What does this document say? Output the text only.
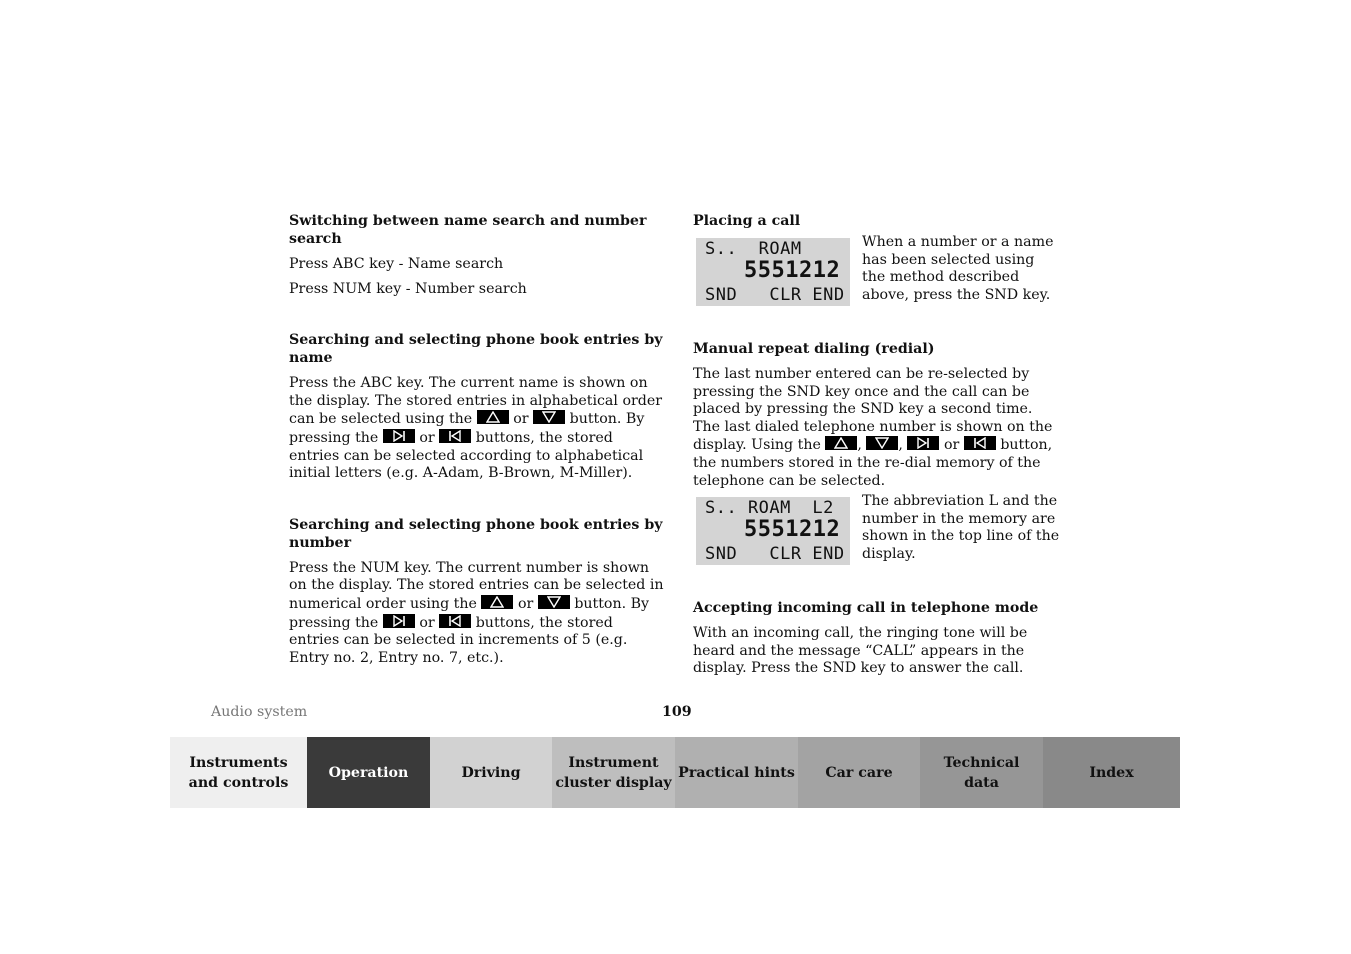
Switching between name search and number search

Press ABC key - Name search

Press NUM key - Number search

Searching and selecting phone book entries by name

Press the ABC key. The current name is shown on the display. The stored entries in alphabetical order can be selected using the	or	button. By pressing the	or	buttons, the stored entries can be selected according to alphabetical initial letters (e.g. A-Adam, B-Brown, M-Miller).

Searching and selecting phone book entries by number

Press the NUM key. The current number is shown on the display. The stored entries can be selected in numerical order using the	or	button. By pressing the	or	buttons, the stored entries can be selected in increments of 5 (e.g. Entry no. 2, Entry no. 7, etc.).

Placing a call
S..  ROAM
5551212
SND   CLR END
When a number or a name has been selected using the method described above, press the SND key.
Manual repeat dialing (redial)

The last number entered can be re-selected by pressing the SND key once and the call can be placed by pressing the SND key a second time. The last dialed telephone number is shown on the display. Using the	,	,	or	button, the numbers stored in the re-dial memory of the telephone can be selected.

S.. ROAM  L2
5551212
SND   CLR END
The abbreviation L and the number in the memory are shown in the top line of the display.
Accepting incoming call in telephone mode

With an incoming call, the ringing tone will be heard and the message “CALL” appears in the display. Press the SND key to answer the call.

Audio system	109
Instruments
and controls
Operation	Driving
Instrument
cluster display
Practical hints	Car care
Technical
data
Index
